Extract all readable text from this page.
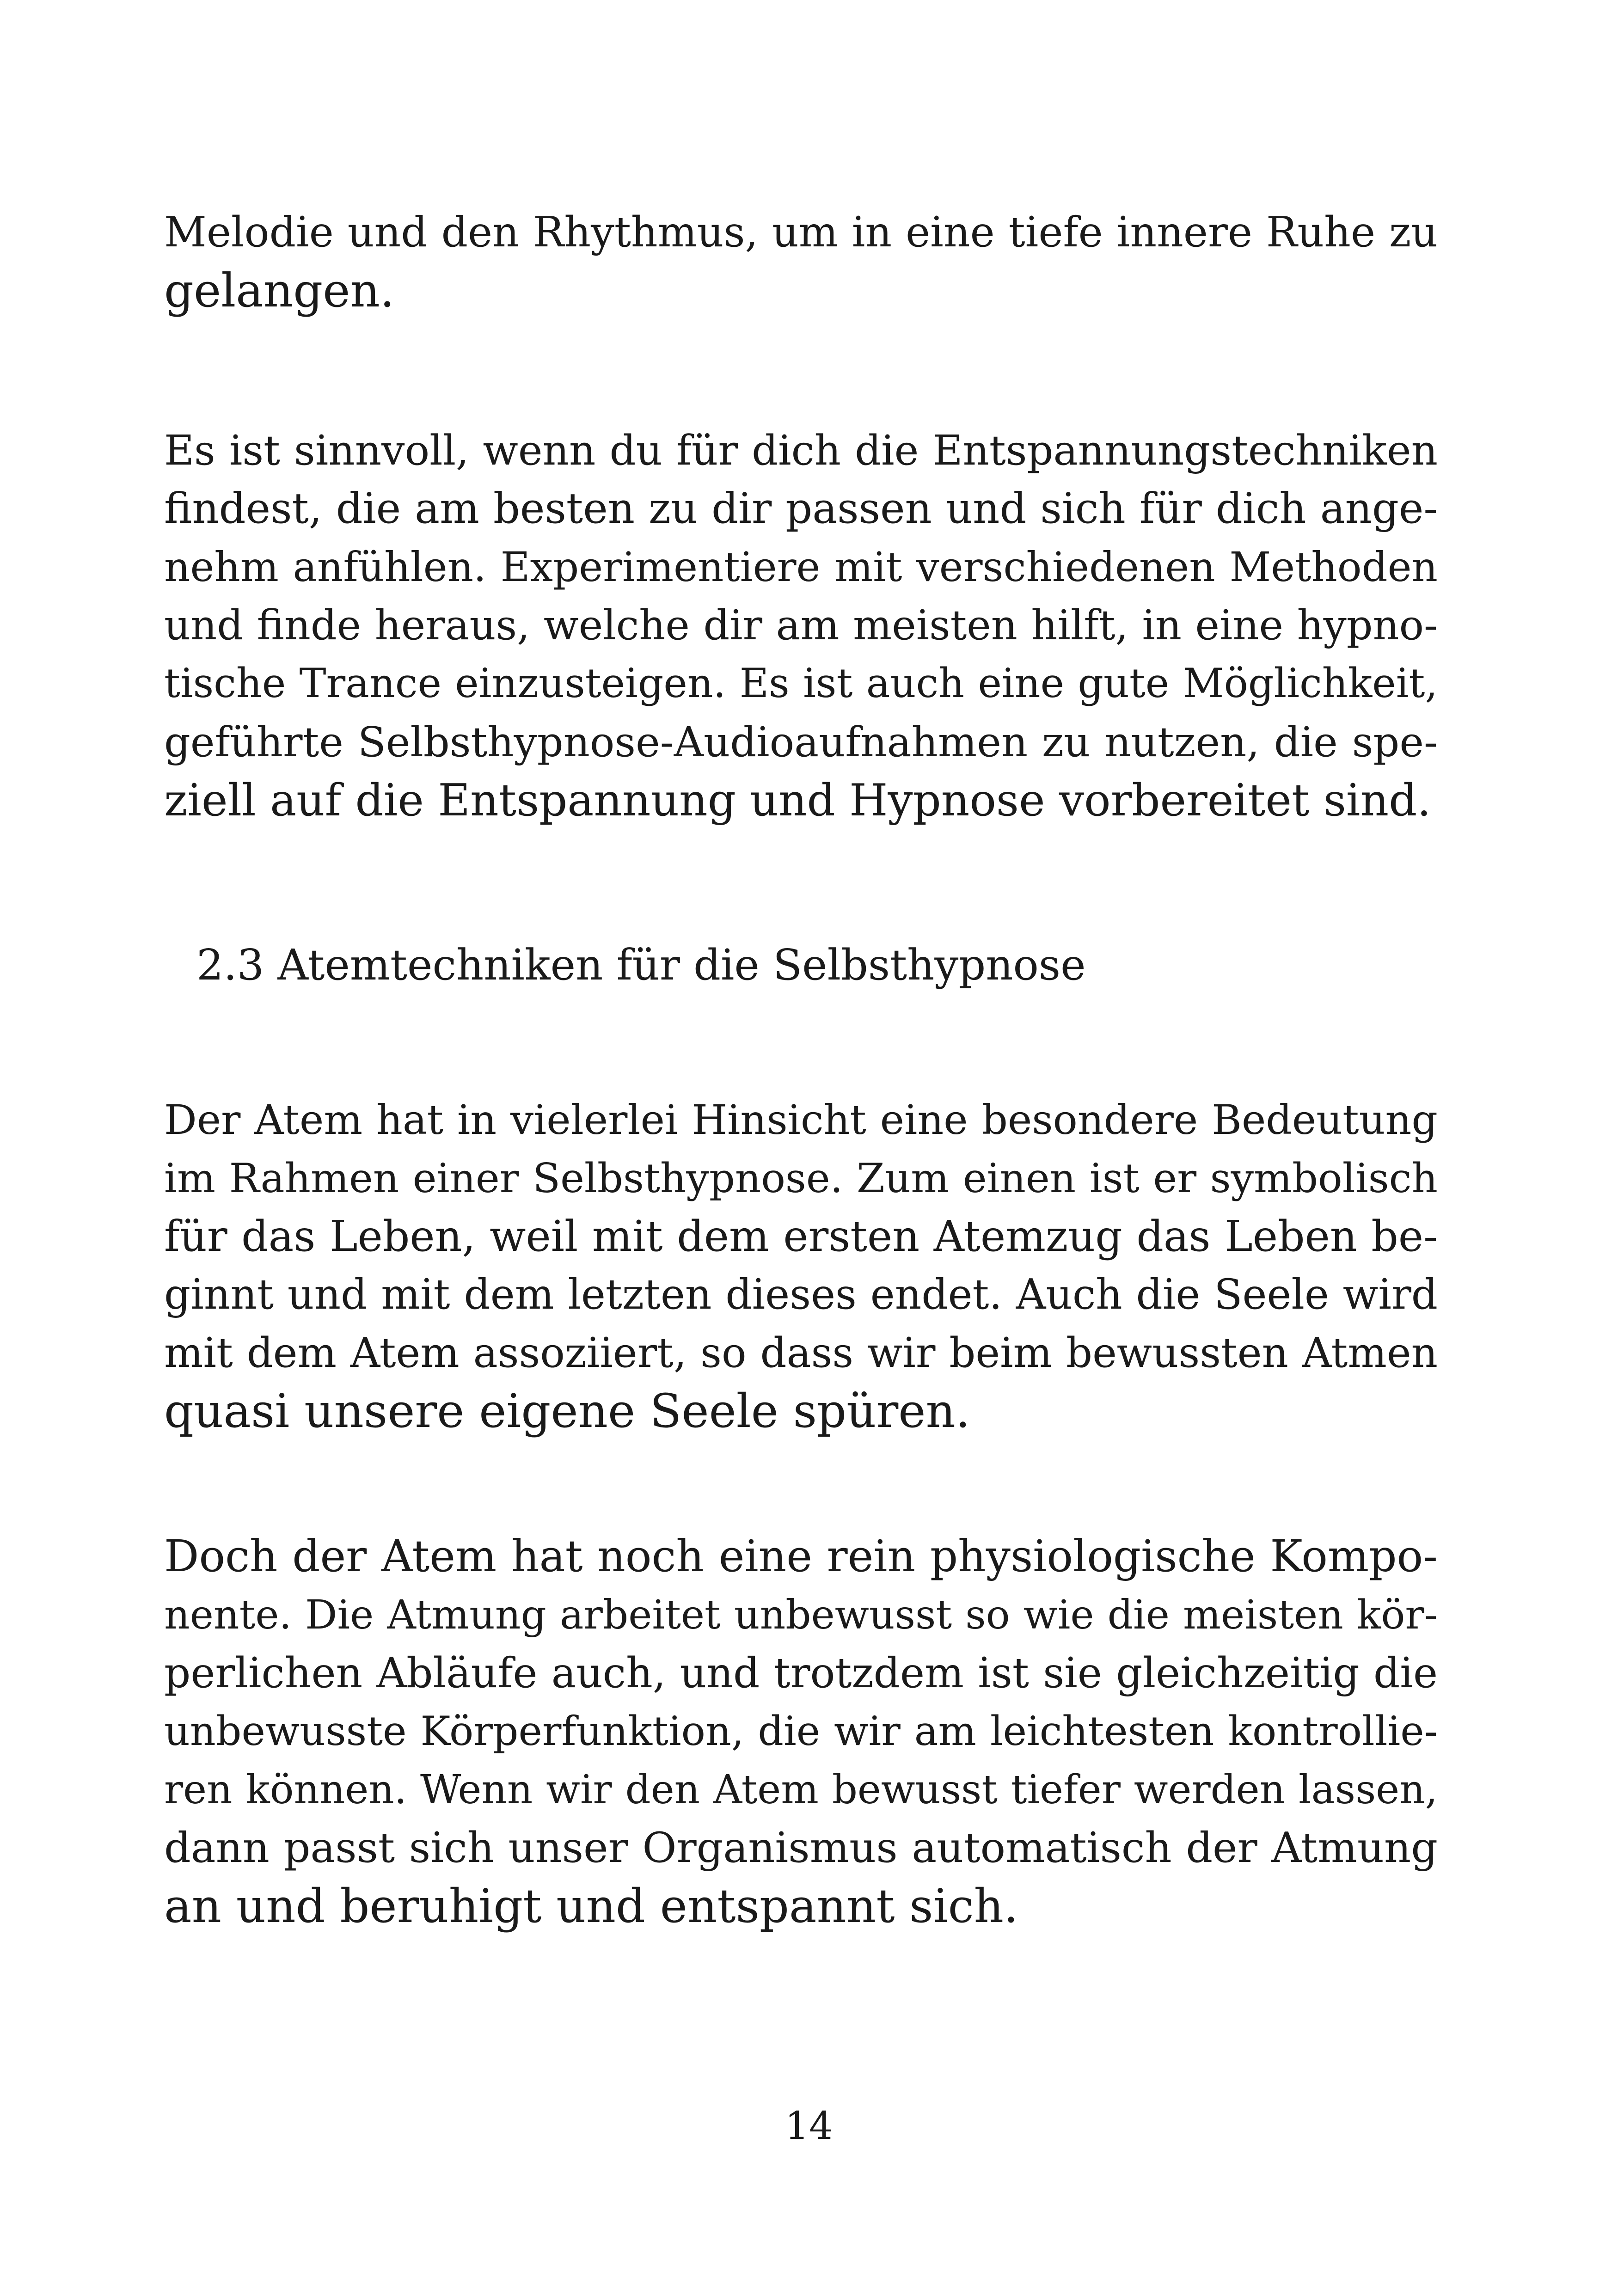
Melodie und den Rhythmus, um in eine tiefe innere Ruhe zu
gelangen.

Es ist sinnvoll, wenn du für dich die Entspannungstechniken
findest, die am besten zu dir passen und sich für dich ange-
nehm anfühlen. Experimentiere mit verschiedenen Methoden
und finde heraus, welche dir am meisten hilft, in eine hypno-
tische Trance einzusteigen. Es ist auch eine gute Möglichkeit,
geführte Selbsthypnose-Audioaufnahmen zu nutzen, die spe-
ziell auf die Entspannung und Hypnose vorbereitet sind.

2.3 Atemtechniken für die Selbsthypnose

Der Atem hat in vielerlei Hinsicht eine besondere Bedeutung
im Rahmen einer Selbsthypnose. Zum einen ist er symbolisch
für das Leben, weil mit dem ersten Atemzug das Leben be-
ginnt und mit dem letzten dieses endet. Auch die Seele wird
mit dem Atem assoziiert, so dass wir beim bewussten Atmen
quasi unsere eigene Seele spüren.

Doch der Atem hat noch eine rein physiologische Kompo-
nente. Die Atmung arbeitet unbewusst so wie die meisten kör-
perlichen Abläufe auch, und trotzdem ist sie gleichzeitig die
unbewusste Körperfunktion, die wir am leichtesten kontrollie-
ren können. Wenn wir den Atem bewusst tiefer werden lassen,
dann passt sich unser Organismus automatisch der Atmung
an und beruhigt und entspannt sich.

14
